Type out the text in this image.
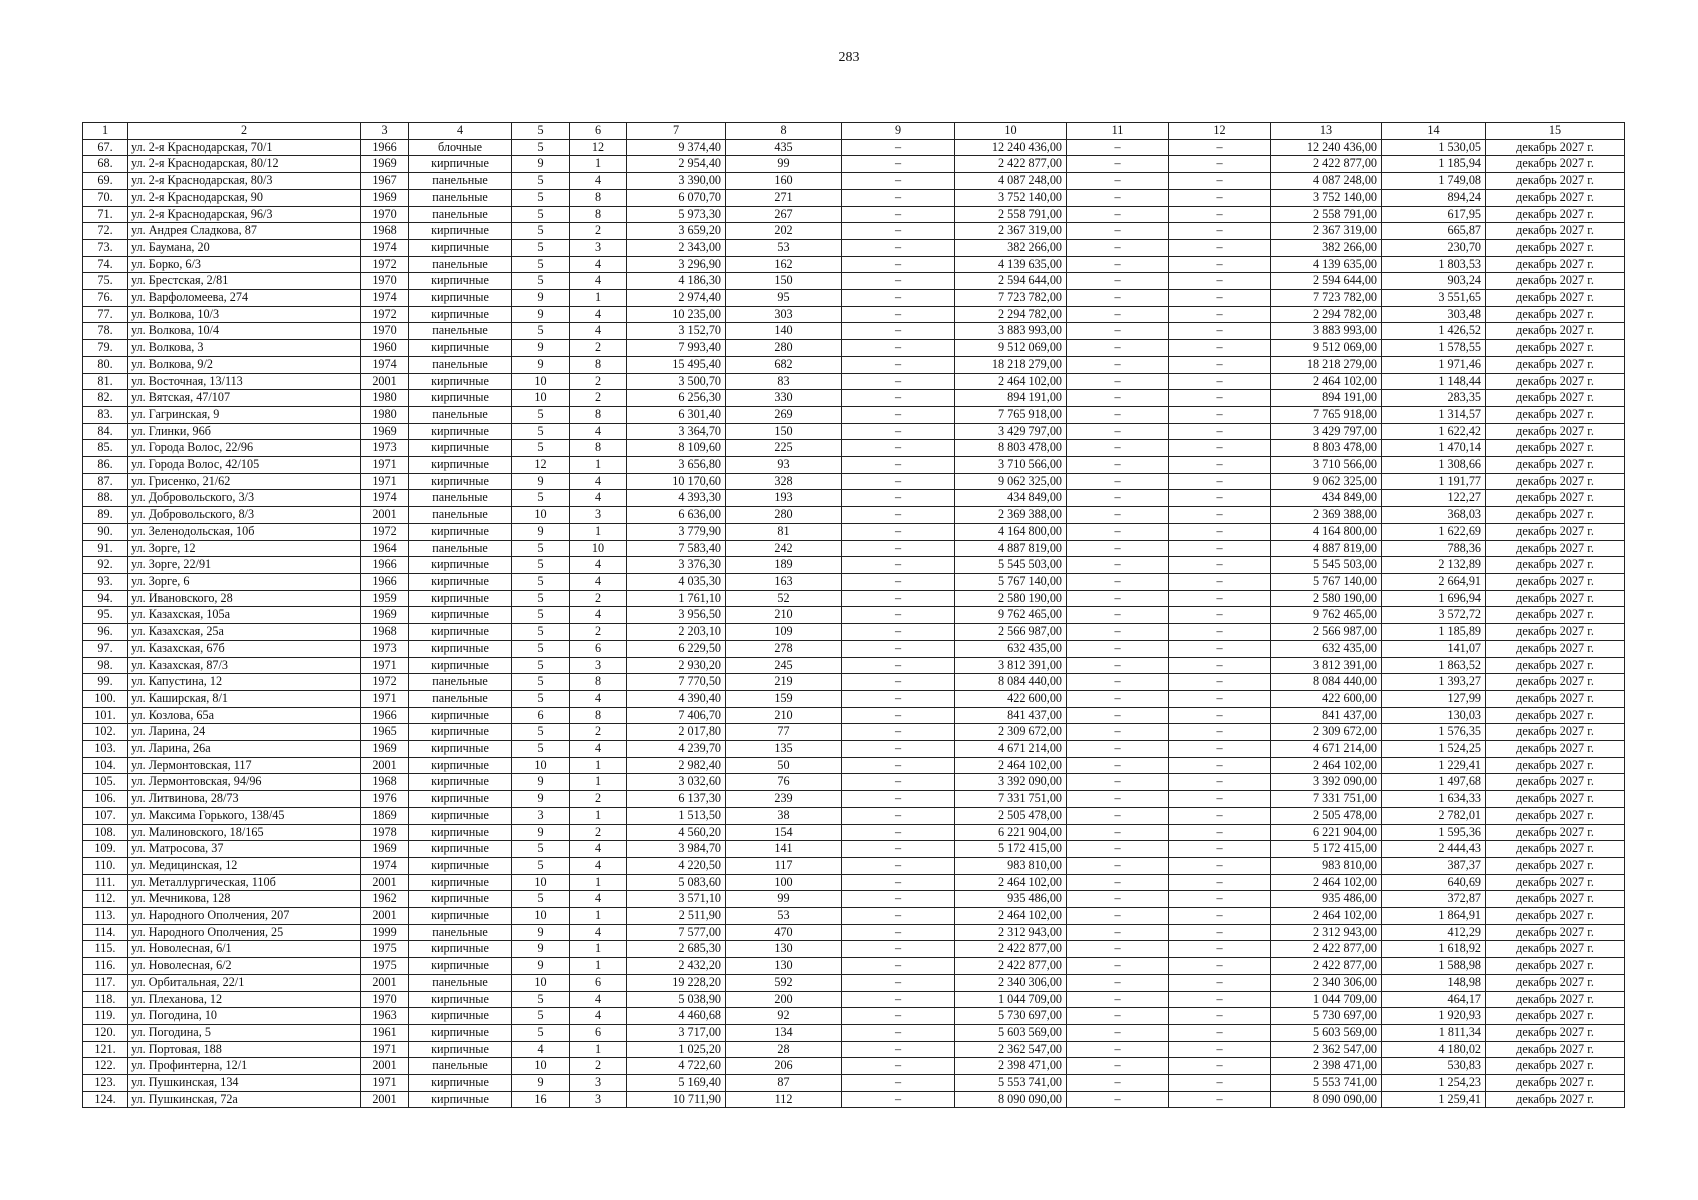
283
1	2	3	4	5	6	7	8	9	10	11	12	13	14	15
67.	ул. 2-я Краснодарская, 70/1	1966	блочные	5	12	9 374,40	435	–	12 240 436,00	–	–	12 240 436,00	1 530,05	декабрь 2027 г.
68.	ул. 2-я Краснодарская, 80/12	1969	кирпичные	9	1	2 954,40	99	–	2 422 877,00	–	–	2 422 877,00	1 185,94	декабрь 2027 г.
69.	ул. 2-я Краснодарская, 80/3	1967	панельные	5	4	3 390,00	160	–	4 087 248,00	–	–	4 087 248,00	1 749,08	декабрь 2027 г.
70.	ул. 2-я Краснодарская, 90	1969	панельные	5	8	6 070,70	271	–	3 752 140,00	–	–	3 752 140,00	894,24	декабрь 2027 г.
71.	ул. 2-я Краснодарская, 96/3	1970	панельные	5	8	5 973,30	267	–	2 558 791,00	–	–	2 558 791,00	617,95	декабрь 2027 г.
72.	ул. Андрея Сладкова, 87	1968	кирпичные	5	2	3 659,20	202	–	2 367 319,00	–	–	2 367 319,00	665,87	декабрь 2027 г.
73.	ул. Баумана, 20	1974	кирпичные	5	3	2 343,00	53	–	382 266,00	–	–	382 266,00	230,70	декабрь 2027 г.
74.	ул. Борко, 6/3	1972	панельные	5	4	3 296,90	162	–	4 139 635,00	–	–	4 139 635,00	1 803,53	декабрь 2027 г.
75.	ул. Брестская, 2/81	1970	кирпичные	5	4	4 186,30	150	–	2 594 644,00	–	–	2 594 644,00	903,24	декабрь 2027 г.
76.	ул. Варфоломеева, 274	1974	кирпичные	9	1	2 974,40	95	–	7 723 782,00	–	–	7 723 782,00	3 551,65	декабрь 2027 г.
77.	ул. Волкова, 10/3	1972	кирпичные	9	4	10 235,00	303	–	2 294 782,00	–	–	2 294 782,00	303,48	декабрь 2027 г.
78.	ул. Волкова, 10/4	1970	панельные	5	4	3 152,70	140	–	3 883 993,00	–	–	3 883 993,00	1 426,52	декабрь 2027 г.
79.	ул. Волкова, 3	1960	кирпичные	9	2	7 993,40	280	–	9 512 069,00	–	–	9 512 069,00	1 578,55	декабрь 2027 г.
80.	ул. Волкова, 9/2	1974	панельные	9	8	15 495,40	682	–	18 218 279,00	–	–	18 218 279,00	1 971,46	декабрь 2027 г.
81.	ул. Восточная, 13/113	2001	кирпичные	10	2	3 500,70	83	–	2 464 102,00	–	–	2 464 102,00	1 148,44	декабрь 2027 г.
82.	ул. Вятская, 47/107	1980	кирпичные	10	2	6 256,30	330	–	894 191,00	–	–	894 191,00	283,35	декабрь 2027 г.
83.	ул. Гагринская, 9	1980	панельные	5	8	6 301,40	269	–	7 765 918,00	–	–	7 765 918,00	1 314,57	декабрь 2027 г.
84.	ул. Глинки, 96б	1969	кирпичные	5	4	3 364,70	150	–	3 429 797,00	–	–	3 429 797,00	1 622,42	декабрь 2027 г.
85.	ул. Города Волос, 22/96	1973	кирпичные	5	8	8 109,60	225	–	8 803 478,00	–	–	8 803 478,00	1 470,14	декабрь 2027 г.
86.	ул. Города Волос, 42/105	1971	кирпичные	12	1	3 656,80	93	–	3 710 566,00	–	–	3 710 566,00	1 308,66	декабрь 2027 г.
87.	ул. Грисенко, 21/62	1971	кирпичные	9	4	10 170,60	328	–	9 062 325,00	–	–	9 062 325,00	1 191,77	декабрь 2027 г.
88.	ул. Добровольского, 3/3	1974	панельные	5	4	4 393,30	193	–	434 849,00	–	–	434 849,00	122,27	декабрь 2027 г.
89.	ул. Добровольского, 8/3	2001	панельные	10	3	6 636,00	280	–	2 369 388,00	–	–	2 369 388,00	368,03	декабрь 2027 г.
90.	ул. Зеленодольская, 10б	1972	кирпичные	9	1	3 779,90	81	–	4 164 800,00	–	–	4 164 800,00	1 622,69	декабрь 2027 г.
91.	ул. Зорге, 12	1964	панельные	5	10	7 583,40	242	–	4 887 819,00	–	–	4 887 819,00	788,36	декабрь 2027 г.
92.	ул. Зорге, 22/91	1966	кирпичные	5	4	3 376,30	189	–	5 545 503,00	–	–	5 545 503,00	2 132,89	декабрь 2027 г.
93.	ул. Зорге, 6	1966	кирпичные	5	4	4 035,30	163	–	5 767 140,00	–	–	5 767 140,00	2 664,91	декабрь 2027 г.
94.	ул. Ивановского, 28	1959	кирпичные	5	2	1 761,10	52	–	2 580 190,00	–	–	2 580 190,00	1 696,94	декабрь 2027 г.
95.	ул. Казахская, 105а	1969	кирпичные	5	4	3 956,50	210	–	9 762 465,00	–	–	9 762 465,00	3 572,72	декабрь 2027 г.
96.	ул. Казахская, 25а	1968	кирпичные	5	2	2 203,10	109	–	2 566 987,00	–	–	2 566 987,00	1 185,89	декабрь 2027 г.
97.	ул. Казахская, 67б	1973	кирпичные	5	6	6 229,50	278	–	632 435,00	–	–	632 435,00	141,07	декабрь 2027 г.
98.	ул. Казахская, 87/3	1971	кирпичные	5	3	2 930,20	245	–	3 812 391,00	–	–	3 812 391,00	1 863,52	декабрь 2027 г.
99.	ул. Капустина, 12	1972	панельные	5	8	7 770,50	219	–	8 084 440,00	–	–	8 084 440,00	1 393,27	декабрь 2027 г.
100.	ул. Каширская, 8/1	1971	панельные	5	4	4 390,40	159	–	422 600,00	–	–	422 600,00	127,99	декабрь 2027 г.
101.	ул. Козлова, 65а	1966	кирпичные	6	8	7 406,70	210	–	841 437,00	–	–	841 437,00	130,03	декабрь 2027 г.
102.	ул. Ларина, 24	1965	кирпичные	5	2	2 017,80	77	–	2 309 672,00	–	–	2 309 672,00	1 576,35	декабрь 2027 г.
103.	ул. Ларина, 26а	1969	кирпичные	5	4	4 239,70	135	–	4 671 214,00	–	–	4 671 214,00	1 524,25	декабрь 2027 г.
104.	ул. Лермонтовская, 117	2001	кирпичные	10	1	2 982,40	50	–	2 464 102,00	–	–	2 464 102,00	1 229,41	декабрь 2027 г.
105.	ул. Лермонтовская, 94/96	1968	кирпичные	9	1	3 032,60	76	–	3 392 090,00	–	–	3 392 090,00	1 497,68	декабрь 2027 г.
106.	ул. Литвинова, 28/73	1976	кирпичные	9	2	6 137,30	239	–	7 331 751,00	–	–	7 331 751,00	1 634,33	декабрь 2027 г.
107.	ул. Максима Горького, 138/45	1869	кирпичные	3	1	1 513,50	38	–	2 505 478,00	–	–	2 505 478,00	2 782,01	декабрь 2027 г.
108.	ул. Малиновского, 18/165	1978	кирпичные	9	2	4 560,20	154	–	6 221 904,00	–	–	6 221 904,00	1 595,36	декабрь 2027 г.
109.	ул. Матросова, 37	1969	кирпичные	5	4	3 984,70	141	–	5 172 415,00	–	–	5 172 415,00	2 444,43	декабрь 2027 г.
110.	ул. Медицинская, 12	1974	кирпичные	5	4	4 220,50	117	–	983 810,00	–	–	983 810,00	387,37	декабрь 2027 г.
111.	ул. Металлургическая, 110б	2001	кирпичные	10	1	5 083,60	100	–	2 464 102,00	–	–	2 464 102,00	640,69	декабрь 2027 г.
112.	ул. Мечникова, 128	1962	кирпичные	5	4	3 571,10	99	–	935 486,00	–	–	935 486,00	372,87	декабрь 2027 г.
113.	ул. Народного Ополчения, 207	2001	кирпичные	10	1	2 511,90	53	–	2 464 102,00	–	–	2 464 102,00	1 864,91	декабрь 2027 г.
114.	ул. Народного Ополчения, 25	1999	панельные	9	4	7 577,00	470	–	2 312 943,00	–	–	2 312 943,00	412,29	декабрь 2027 г.
115.	ул. Новолесная, 6/1	1975	кирпичные	9	1	2 685,30	130	–	2 422 877,00	–	–	2 422 877,00	1 618,92	декабрь 2027 г.
116.	ул. Новолесная, 6/2	1975	кирпичные	9	1	2 432,20	130	–	2 422 877,00	–	–	2 422 877,00	1 588,98	декабрь 2027 г.
117.	ул. Орбитальная, 22/1	2001	панельные	10	6	19 228,20	592	–	2 340 306,00	–	–	2 340 306,00	148,98	декабрь 2027 г.
118.	ул. Плеханова, 12	1970	кирпичные	5	4	5 038,90	200	–	1 044 709,00	–	–	1 044 709,00	464,17	декабрь 2027 г.
119.	ул. Погодина, 10	1963	кирпичные	5	4	4 460,68	92	–	5 730 697,00	–	–	5 730 697,00	1 920,93	декабрь 2027 г.
120.	ул. Погодина, 5	1961	кирпичные	5	6	3 717,00	134	–	5 603 569,00	–	–	5 603 569,00	1 811,34	декабрь 2027 г.
121.	ул. Портовая, 188	1971	кирпичные	4	1	1 025,20	28	–	2 362 547,00	–	–	2 362 547,00	4 180,02	декабрь 2027 г.
122.	ул. Профинтерна, 12/1	2001	панельные	10	2	4 722,60	206	–	2 398 471,00	–	–	2 398 471,00	530,83	декабрь 2027 г.
123.	ул. Пушкинская, 134	1971	кирпичные	9	3	5 169,40	87	–	5 553 741,00	–	–	5 553 741,00	1 254,23	декабрь 2027 г.
124.	ул. Пушкинская, 72а	2001	кирпичные	16	3	10 711,90	112	–	8 090 090,00	–	–	8 090 090,00	1 259,41	декабрь 2027 г.
